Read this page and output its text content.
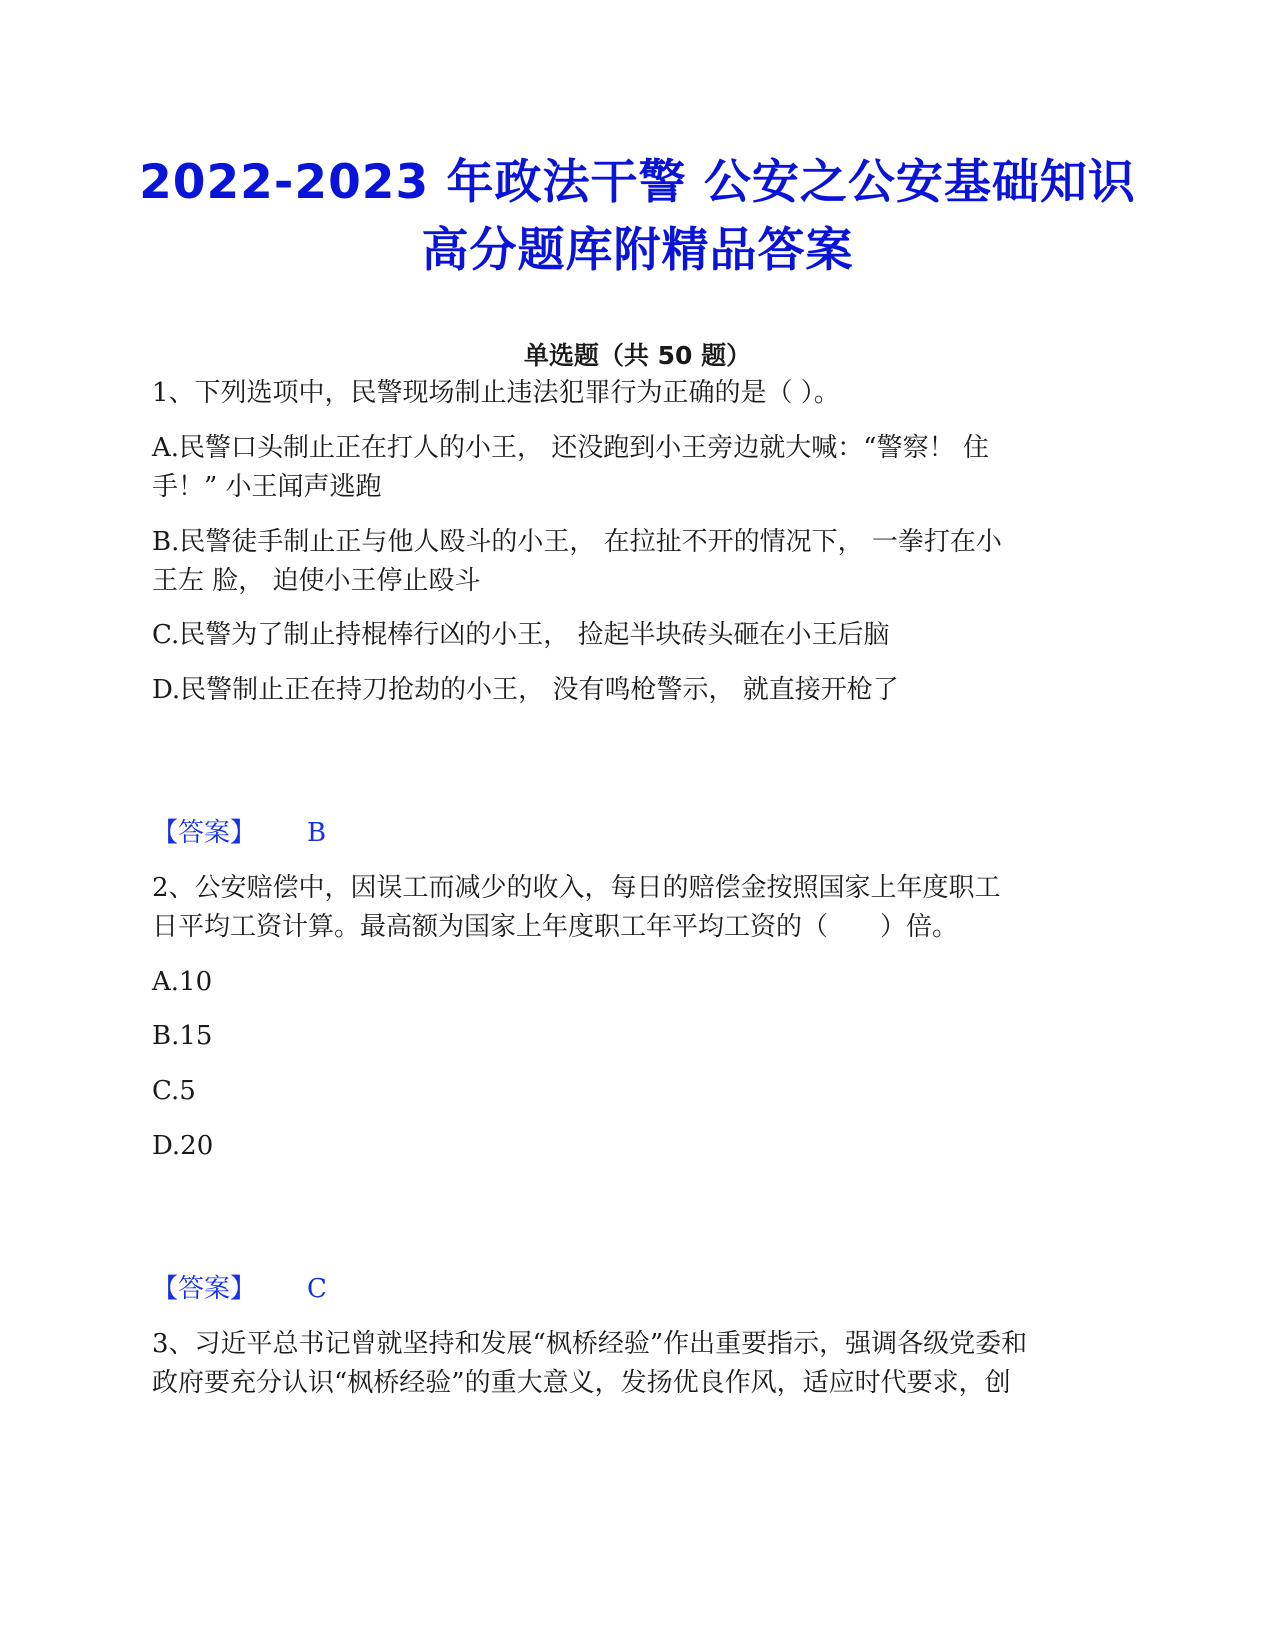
2022-2023 年政法干警 公安之公安基础知识
高分题库附精品答案
单选题（共 50 题）
1、下列选项中，民警现场制止违法犯罪行为正确的是（ ）。
A.民警口头制止正在打人的小王， 还没跑到小王旁边就大喊：“警察！ 住
手！” 小王闻声逃跑
B.民警徒手制止正与他人殴斗的小王， 在拉扯不开的情况下， 一拳打在小
王左 脸， 迫使小王停止殴斗
C.民警为了制止持棍棒行凶的小王， 捡起半块砖头砸在小王后脑
D.民警制止正在持刀抢劫的小王， 没有鸣枪警示， 就直接开枪了
【答案】 B
2、公安赔偿中，因误工而减少的收入，每日的赔偿金按照国家上年度职工
日平均工资计算。最高额为国家上年度职工年平均工资的（　　）倍。
A.10
B.15
C.5
D.20
【答案】 C
3、习近平总书记曾就坚持和发展“枫桥经验”作出重要指示，强调各级党委和
政府要充分认识“枫桥经验”的重大意义，发扬优良作风，适应时代要求，创
